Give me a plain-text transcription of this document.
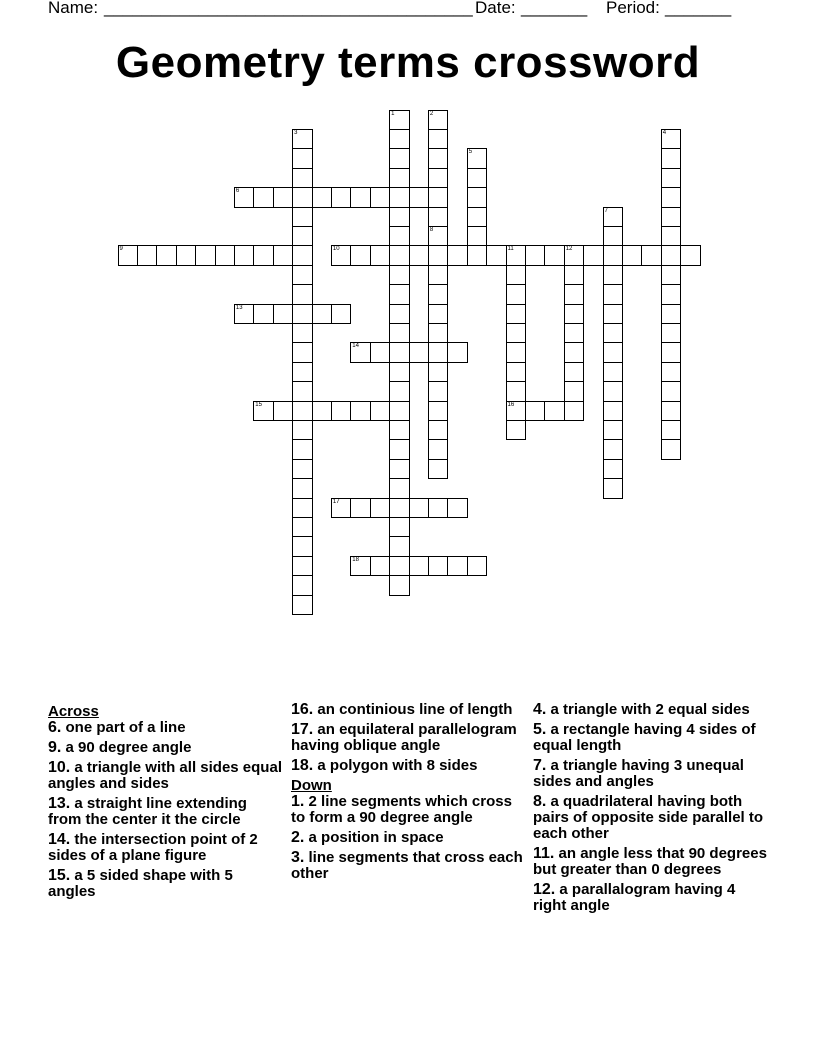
Name: _______________________________________ Date: _______ Period: _______
Geometry terms crossword
1	2
8
3	4
5
6
7
9	10	11	12
16
13
14
15
17
18
Across
6. one part of a line
9. a 90 degree angle
10. a triangle with all sides equal angles and sides
13. a straight line extending from the center it the circle
14. the intersection point of 2 sides of a plane figure
15. a 5 sided shape with 5 angles
16. an continious line of length
17. an equilateral parallelogram having oblique angle
18. a polygon with 8 sides
Down
1. 2 line segments which cross to form a 90 degree angle
2. a position in space
3. line segments that cross each other
4. a triangle with 2 equal sides
5. a rectangle having 4 sides of equal length
7. a triangle having 3 unequal sides and angles
8. a quadrilateral having both pairs of opposite side parallel to each other
11. an angle less that 90 degrees but greater than 0 degrees
12. a parallalogram having 4 right angle
